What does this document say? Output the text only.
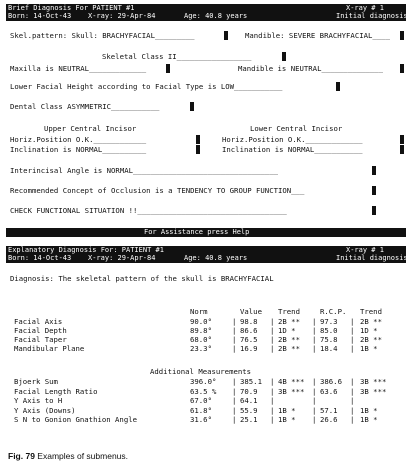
Brief Diagnosis For PATIENT #1	X-ray # 1
Born: 14-Oct-43 X-ray: 29-Apr-84	Age: 40.8 years	Initial diagnosis
Skel.pattern: Skull: BRACHYFACIAL_________	Mandible: SEVERE BRACHYFACIAL____
Skeletal Class II_________________
Maxilla is NEUTRAL_____________	Mandible is NEUTRAL______________
Lower Facial Height according to Facial Type is LOW___________
Dental Class ASYMMETRIC___________
Upper Central Incisor	Lower Central Incisor
Horiz.Position O.K.____________	Horiz.Position O.K._____________
Inclination is NORMAL__________	Inclination is NORMAL___________
Interincisal Angle is NORMAL_________________________________
Recommended Concept of Occlusion is a TENDENCY TO GROUP FUNCTION___
CHECK FUNCTIONAL SITUATION !!__________________________________
For Assistance press Help
Explanatory Diagnosis For: PATIENT #1	X-ray # 1
Born: 14-Oct-43 X-ray: 29-Apr-84	Age: 40.8 years	Initial diagnosis
Diagnosis: The skeletal pattern of the skull is BRACHYFACIAL
Norm	Value Trend	R.C.P. Trend
Facial Axis	90.0°	| 98.8 | 2B ** | 97.3 | 2B **
Facial Depth	89.8°	| 86.6 | 1D * | 85.0 | 1D *
Facial Taper	68.0°	| 76.5 | 2B ** | 75.8 | 2B **
Mandibular Plane	23.3°	| 16.9 | 2B ** | 18.4 | 1B *
Additional Measurements
Bjoerk Sum	396.0° | 385.1 | 4B *** | 386.6 | 3B ***
Facial Length Ratio	63.5 % | 70.9 | 3B *** | 63.6 | 3B ***
Y Axis to H	67.0°	| 64.1 |	|	|
Y Axis (Downs)	61.8°	| 55.9 | 1B * | 57.1 | 1B *
S N to Gonion Gnathion Angle	31.6°	| 25.1 | 1B * | 26.6 | 1B *
Fig. 79 Examples of submenus.
